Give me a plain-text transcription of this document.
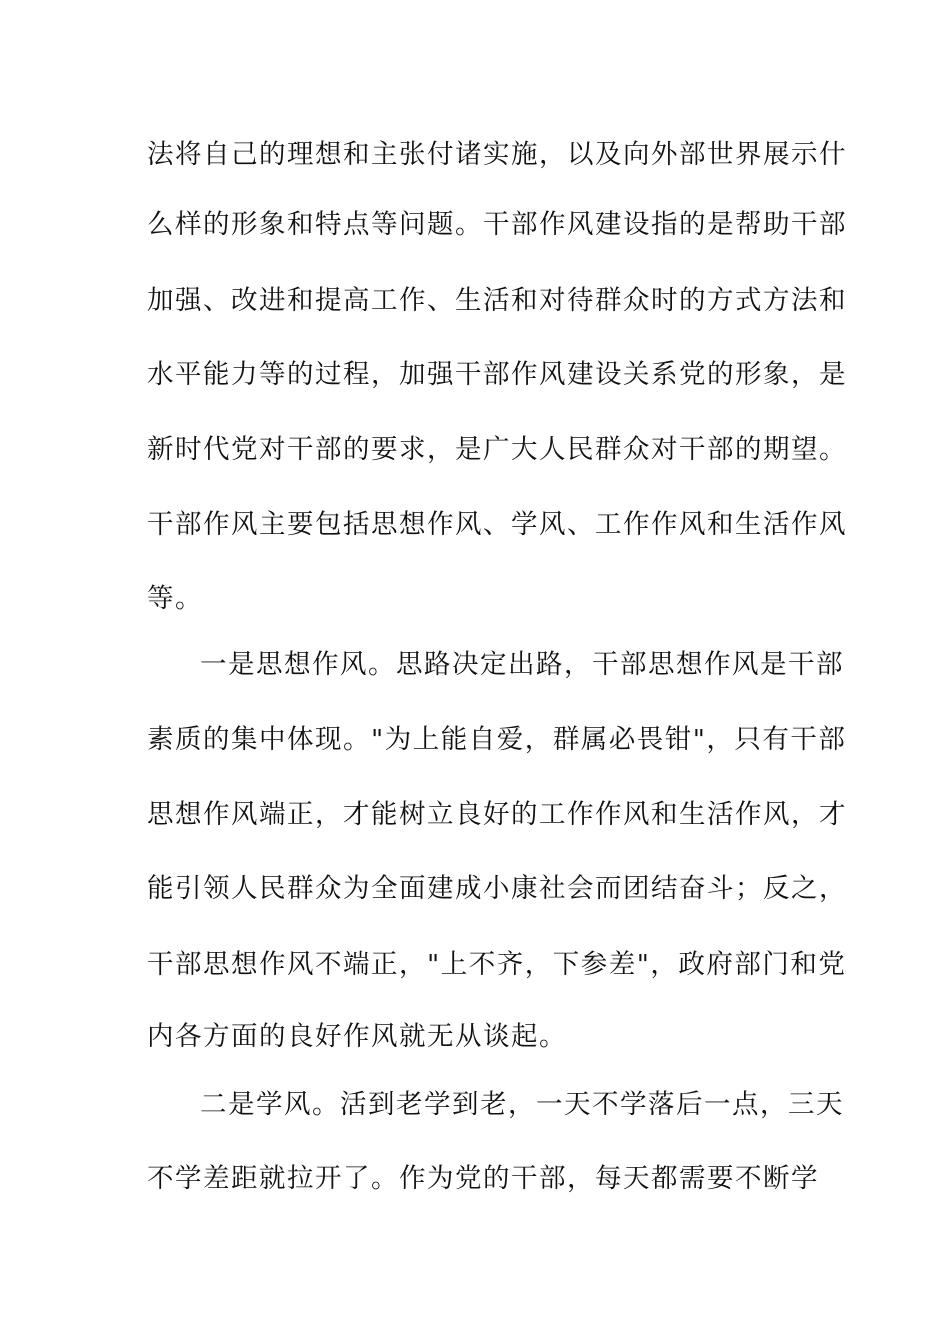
法将自己的理想和主张付诸实施，以及向外部世界展示什
么样的形象和特点等问题。干部作风建设指的是帮助干部
加强、改进和提高工作、生活和对待群众时的方式方法和
水平能力等的过程，加强干部作风建设关系党的形象，是
新时代党对干部的要求，是广大人民群众对干部的期望。
干部作风主要包括思想作风、学风、工作作风和生活作风
等。
一是思想作风。思路决定出路，干部思想作风是干部
素质的集中体现。"为上能自爱，群属必畏钳"，只有干部
思想作风端正，才能树立良好的工作作风和生活作风，才
能引领人民群众为全面建成小康社会而团结奋斗；反之，
干部思想作风不端正，"上不齐，下参差"，政府部门和党
内各方面的良好作风就无从谈起。
二是学风。活到老学到老，一天不学落后一点，三天
不学差距就拉开了。作为党的干部，每天都需要不断学
